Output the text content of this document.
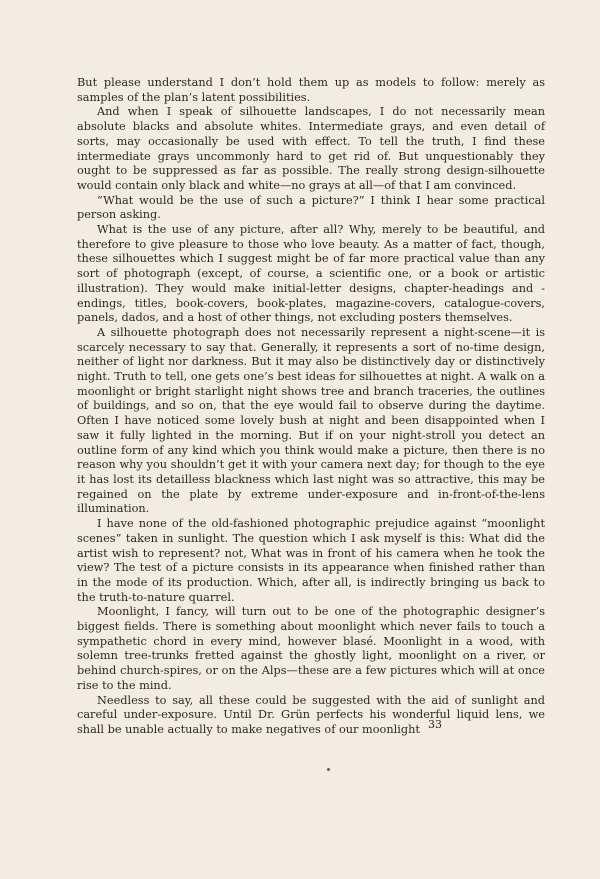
But please understand I don’t hold them up as models to follow: merely as samples of the plan’s latent possibilities.

And when I speak of silhouette landscapes, I do not necessarily mean absolute blacks and absolute whites. Intermediate grays, and even detail of sorts, may occasionally be used with effect. To tell the truth, I find these intermediate grays uncommonly hard to get rid of. But unquestionably they ought to be suppressed as far as possible. The really strong design-silhouette would contain only black and white—no grays at all—of that I am convinced.

“What would be the use of such a picture?” I think I hear some practical person asking.

What is the use of any picture, after all? Why, merely to be beautiful, and therefore to give pleasure to those who love beauty. As a matter of fact, though, these silhouettes which I suggest might be of far more practical value than any sort of photograph (except, of course, a scientific one, or a book or artistic illustration). They would make initial-letter designs, chapter-headings and -endings, titles, book-covers, book-plates, magazine-covers, catalogue-covers, panels, dados, and a host of other things, not excluding posters themselves.

A silhouette photograph does not necessarily represent a night-scene—it is scarcely necessary to say that. Generally, it represents a sort of no-time design, neither of light nor darkness. But it may also be distinctively day or distinctively night. Truth to tell, one gets one’s best ideas for silhouettes at night. A walk on a moonlight or bright starlight night shows tree and branch traceries, the outlines of buildings, and so on, that the eye would fail to observe during the daytime. Often I have noticed some lovely bush at night and been disappointed when I saw it fully lighted in the morning. But if on your night-stroll you detect an outline form of any kind which you think would make a picture, then there is no reason why you shouldn’t get it with your camera next day; for though to the eye it has lost its detailless blackness which last night was so attractive, this may be regained on the plate by extreme under-exposure and in-front-of-the-lens illumination.

I have none of the old-fashioned photographic prejudice against “moonlight scenes” taken in sunlight. The question which I ask myself is this: What did the artist wish to represent? not, What was in front of his camera when he took the view? The test of a picture consists in its appearance when finished rather than in the mode of its production. Which, after all, is indirectly bringing us back to the truth-to-nature quarrel.

Moonlight, I fancy, will turn out to be one of the photographic designer’s biggest fields. There is something about moonlight which never fails to touch a sympathetic chord in every mind, however blasé. Moonlight in a wood, with solemn tree-trunks fretted against the ghostly light, moonlight on a river, or behind church-spires, or on the Alps—these are a few pictures which will at once rise to the mind.

Needless to say, all these could be suggested with the aid of sunlight and careful under-exposure. Until Dr. Grün perfects his wonderful liquid lens, we shall be unable actually to make negatives of our moonlight 33
